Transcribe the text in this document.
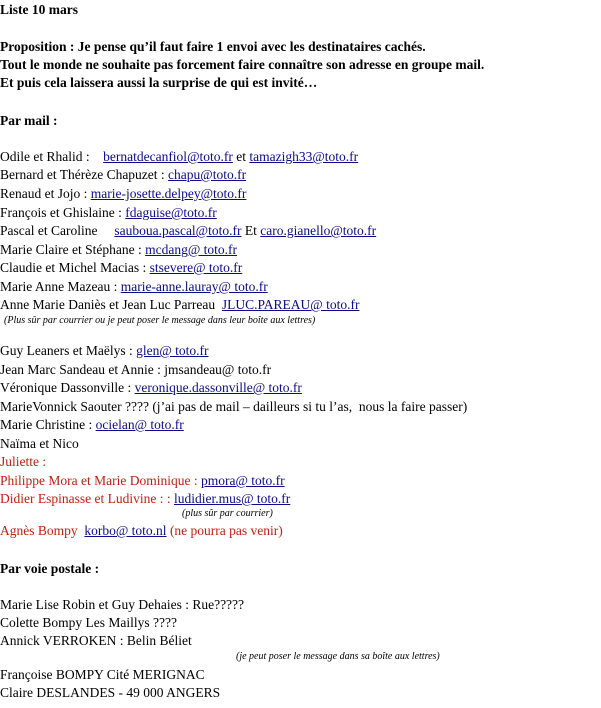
Liste 10 mars
Proposition : Je pense qu’il faut faire 1 envoi avec les destinataires cachés.
Tout le monde ne souhaite pas forcement faire connaître son adresse en groupe mail.
Et puis cela laissera aussi la surprise de qui est invité…
Par mail :
Odile et Rhalid :    bernatdecanfiol@toto.fr et tamazigh33@toto.fr
Bernard et Thérèze Chapuzet : chapu@toto.fr
Renaud et Jojo : marie-josette.delpey@toto.fr
François et Ghislaine : fdaguise@toto.fr
Pascal et Caroline     sauboua.pascal@toto.fr Et caro.gianello@toto.fr
Marie Claire et Stéphane : mcdang@ toto.fr
Claudie et Michel Macias : stsevere@ toto.fr
Marie Anne Mazeau : marie-anne.lauray@ toto.fr
Anne Marie Daniès et Jean Luc Parreau  JLUC.PAREAU@ toto.fr
(Plus sûr par courrier ou je peut poser le message dans leur boîte aux lettres)
Guy Leaners et Maëlys : glen@ toto.fr
Jean Marc Sandeau et Annie : jmsandeau@ toto.fr
Véronique Dassonville : veronique.dassonville@ toto.fr
MarieVonnick Saouter ???? (j’ai pas de mail – dailleurs si tu l’as,  nous la faire passer)
Marie Christine : ocielan@ toto.fr
Naïma et Nico
Juliette :
Philippe Mora et Marie Dominique : pmora@ toto.fr
Didier Espinasse et Ludivine : : ludidier.mus@ toto.fr
(plus sûr par courrier)
Agnès Bompy  korbo@ toto.nl (ne pourra pas venir)
Par voie postale :
Marie Lise Robin et Guy Dehaies : Rue?????
Colette Bompy Les Maillys ????
Annick VERROKEN : Belin Béliet
(je peut poser le message dans sa boîte aux lettres)
Françoise BOMPY Cité MERIGNAC
Claire DESLANDES - 49 000 ANGERS
